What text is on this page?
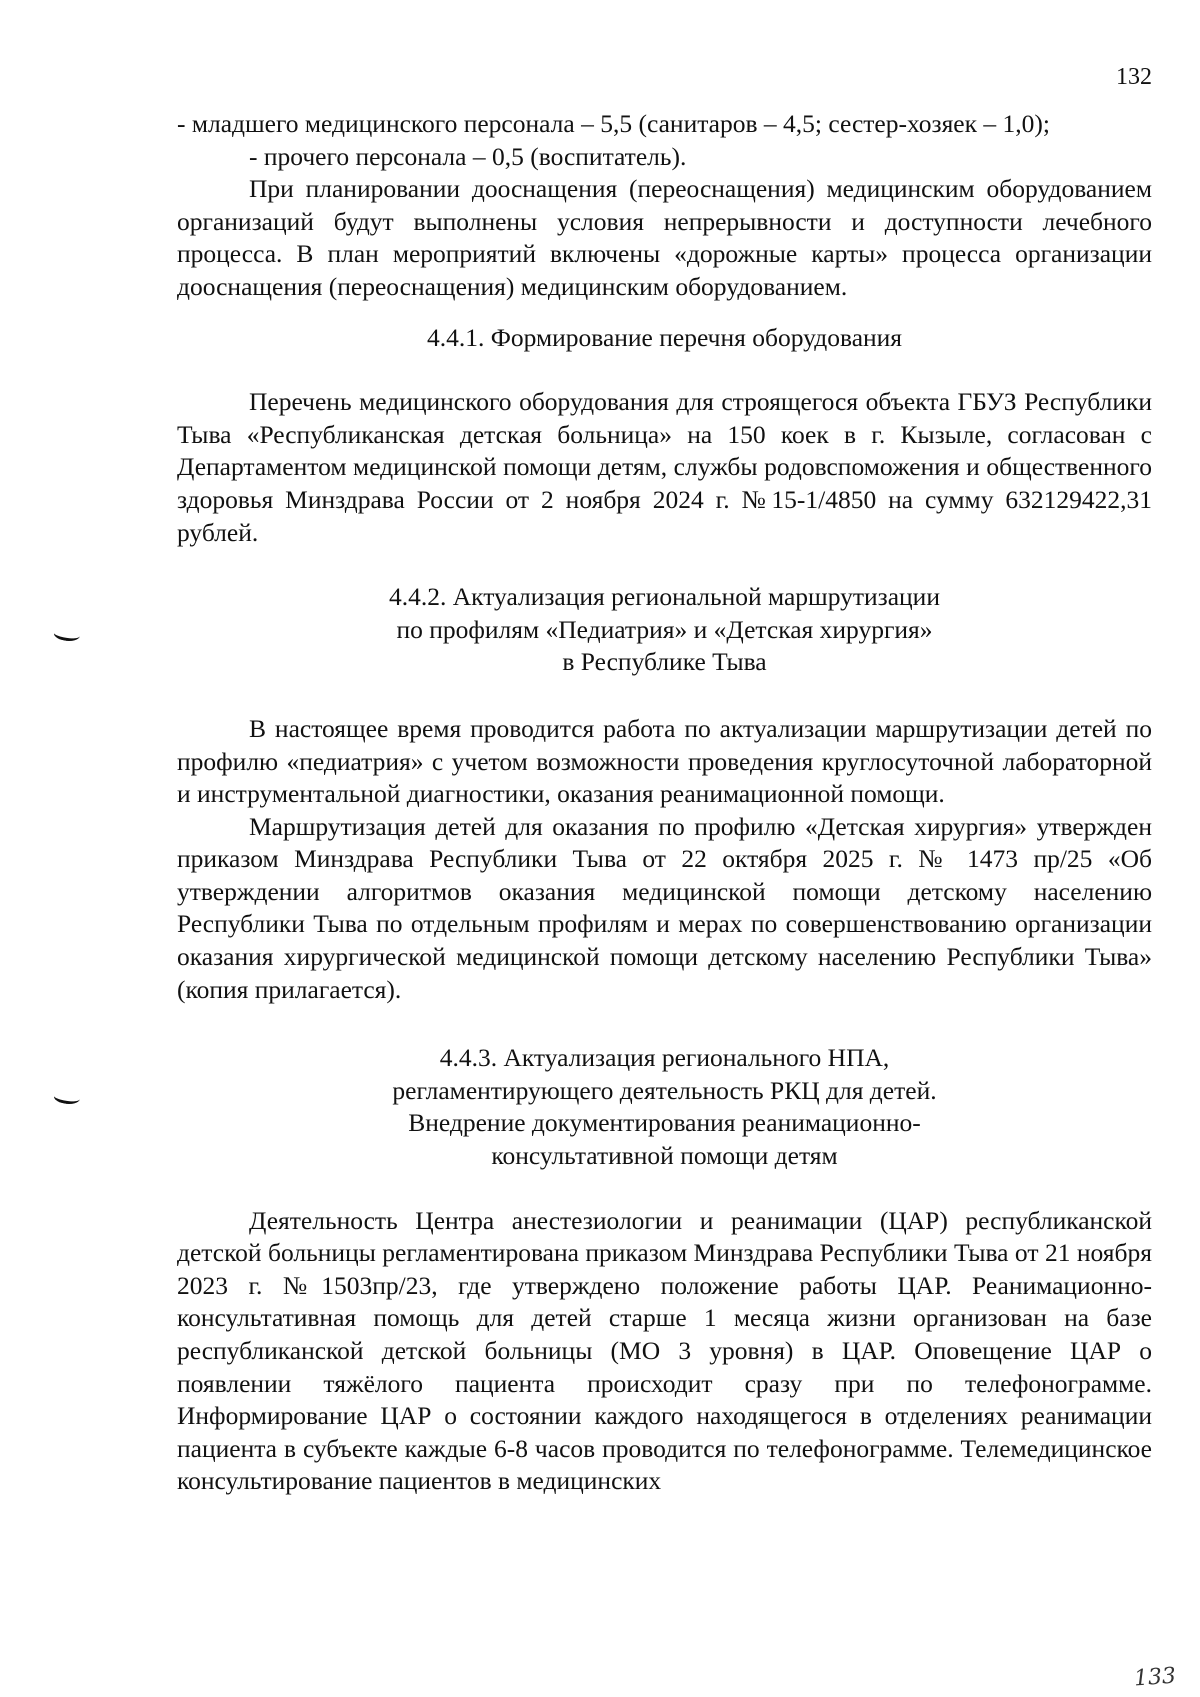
132

- младшего медицинского персонала – 5,5 (санитаров – 4,5; сестер-хозяек – 1,0);

- прочего персонала – 0,5 (воспитатель).

При планировании дооснащения (переоснащения) медицинским оборудованием организаций будут выполнены условия непрерывности и доступности лечебного процесса. В план мероприятий включены «дорожные карты» процесса организации дооснащения (переоснащения) медицинским оборудованием.

4.4.1. Формирование перечня оборудования

Перечень медицинского оборудования для строящегося объекта ГБУЗ Республики Тыва «Республиканская детская больница» на 150 коек в г. Кызыле, согласован с Департаментом медицинской помощи детям, службы родовспоможения и общественного здоровья Минздрава России от 2 ноября 2024 г. №15-1/4850 на сумму 632129422,31 рублей.

4.4.2. Актуализация региональной маршрутизации
по профилям «Педиатрия» и «Детская хирургия»
в Республике Тыва

В настоящее время проводится работа по актуализации маршрутизации детей по профилю «педиатрия» с учетом возможности проведения круглосуточной лабораторной и инструментальной диагностики, оказания реанимационной помощи.

Маршрутизация детей для оказания по профилю «Детская хирургия» утвержден приказом Минздрава Республики Тыва от 22 октября 2025 г. № 1473 пр/25 «Об утверждении алгоритмов оказания медицинской помощи детскому населению Республики Тыва по отдельным профилям и мерах по совершенствованию организации оказания хирургической медицинской помощи детскому населению Республики Тыва» (копия прилагается).

4.4.3. Актуализация регионального НПА,
регламентирующего деятельность РКЦ для детей.
Внедрение документирования реанимационно-
консультативной помощи детям

Деятельность Центра анестезиологии и реанимации (ЦАР) республиканской детской больницы регламентирована приказом Минздрава Республики Тыва от 21 ноября 2023 г. №1503пр/23, где утверждено положение работы ЦАР. Реанимационно-консультативная помощь для детей старше 1 месяца жизни организован на базе республиканской детской больницы (МО 3 уровня) в ЦАР. Оповещение ЦАР о появлении тяжёлого пациента происходит сразу при по телефонограмме. Информирование ЦАР о состоянии каждого находящегося в отделениях реанимации пациента в субъекте каждые 6-8 часов проводится по телефонограмме. Телемедицинское консультирование пациентов в медицинских

133
